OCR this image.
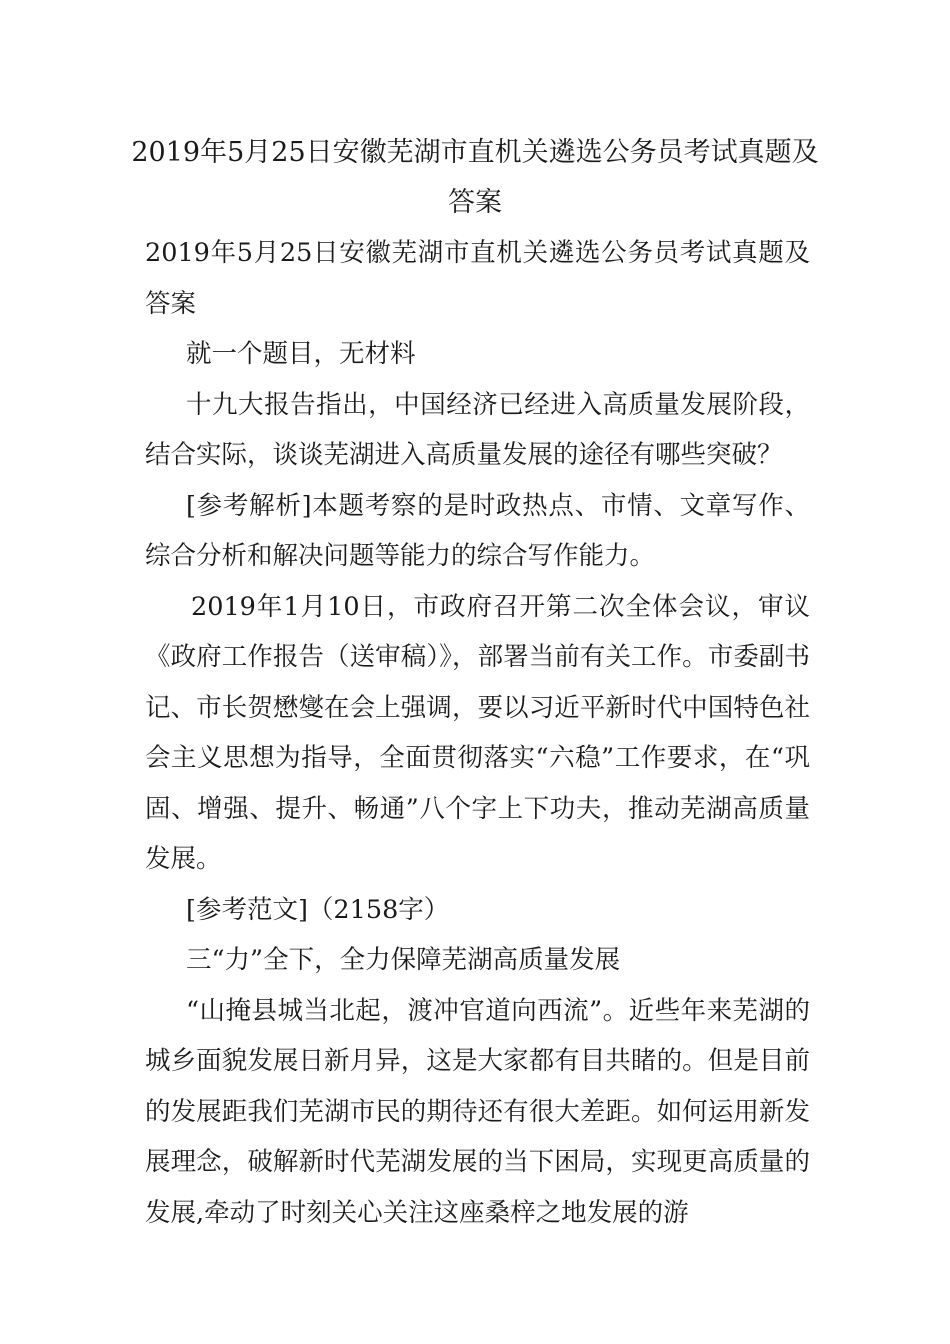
2019年5月25日安徽芜湖市直机关遴选公务员考试真题及答案

2019年5月25日安徽芜湖市直机关遴选公务员考试真题及答案

就一个题目，无材料

十九大报告指出，中国经济已经进入高质量发展阶段，结合实际，谈谈芜湖进入高质量发展的途径有哪些突破？

[参考解析]本题考察的是时政热点、市情、文章写作、综合分析和解决问题等能力的综合写作能力。

2019年1月10日，市政府召开第二次全体会议，审议《政府工作报告（送审稿）》，部署当前有关工作。市委副书记、市长贺懋燮在会上强调，要以习近平新时代中国特色社会主义思想为指导，全面贯彻落实“六稳”工作要求，在“巩固、增强、提升、畅通”八个字上下功夫，推动芜湖高质量发展。

[参考范文]（2158字）

三“力”全下，全力保障芜湖高质量发展

“山掩县城当北起，渡冲官道向西流”。近些年来芜湖的城乡面貌发展日新月异，这是大家都有目共睹的。但是目前的发展距我们芜湖市民的期待还有很大差距。如何运用新发展理念，破解新时代芜湖发展的当下困局，实现更高质量的发展,牵动了时刻关心关注这座桑梓之地发展的游
